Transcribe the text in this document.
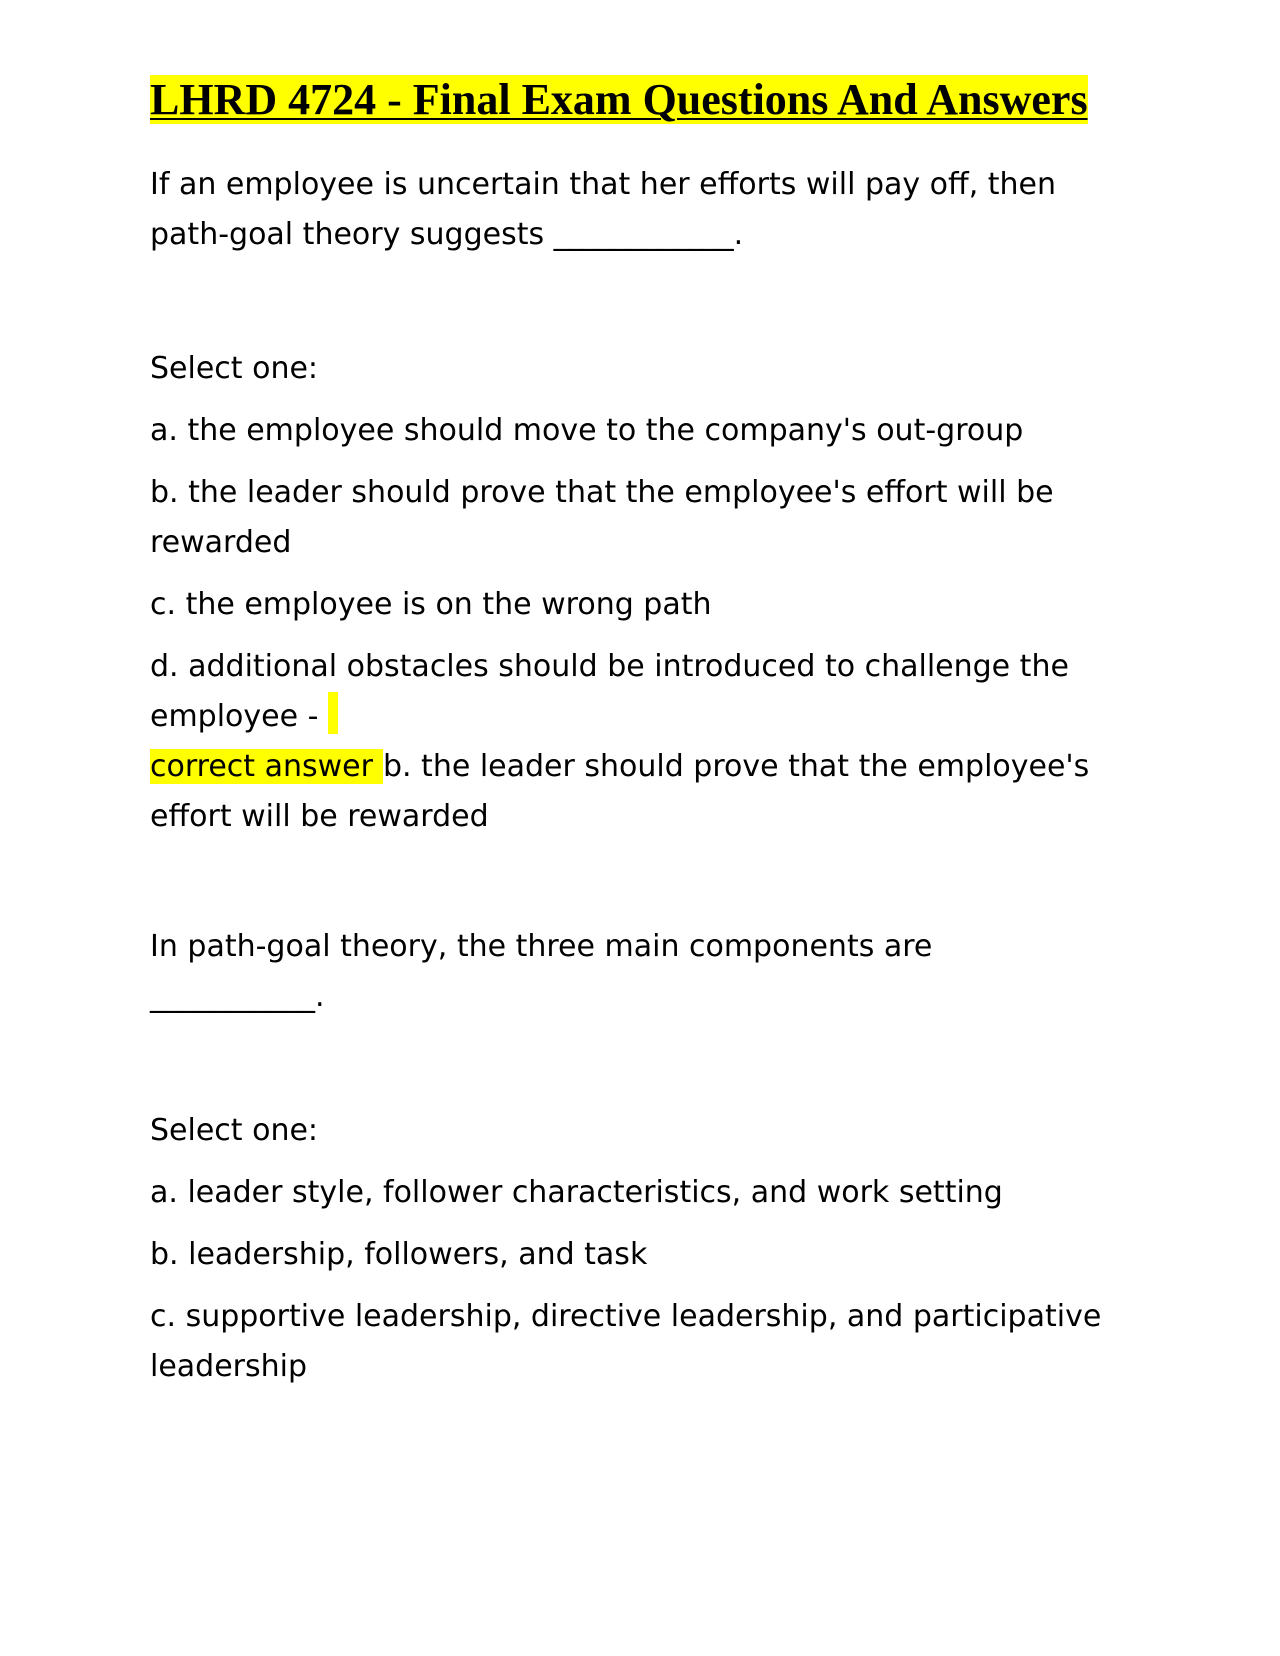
LHRD 4724 - Final Exam Questions And Answers

If an employee is uncertain that her efforts will pay off, then path-goal theory suggests ____________.

Select one:

a. the employee should move to the company's out-group

b. the leader should prove that the employee's effort will be rewarded

c. the employee is on the wrong path

d. additional obstacles should be introduced to challenge the employee -

correct answer b. the leader should prove that the employee's effort will be rewarded

In path-goal theory, the three main components are ___________.

Select one:

a. leader style, follower characteristics, and work setting

b. leadership, followers, and task

c. supportive leadership, directive leadership, and participative leadership
